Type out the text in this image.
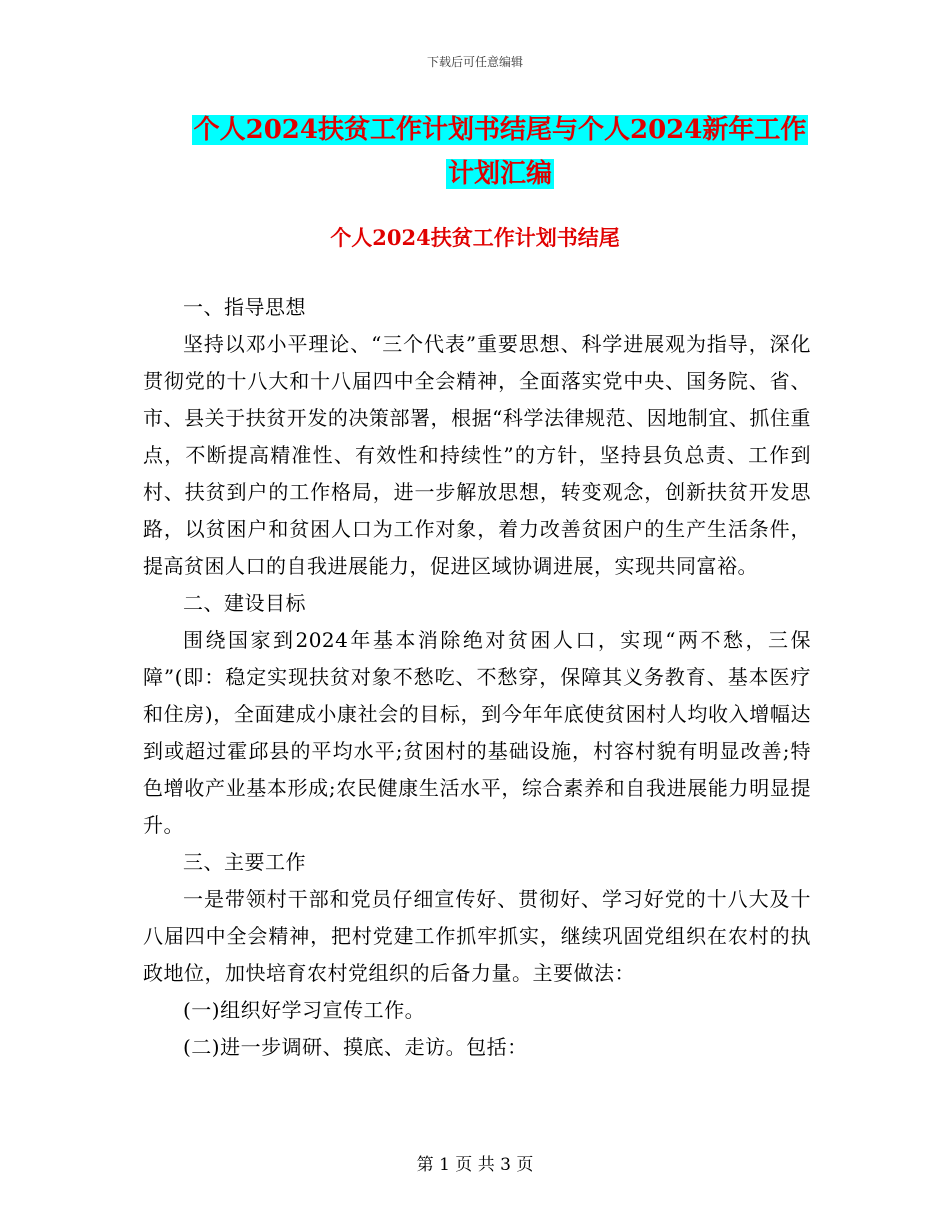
下载后可任意编辑
个人2024扶贫工作计划书结尾与个人2024新年工作
计划汇编
个人2024扶贫工作计划书结尾

一、指导思想

坚持以邓小平理论、“三个代表”重要思想、科学进展观为指导，深化贯彻党的十八大和十八届四中全会精神，全面落实党中央、国务院、省、市、县关于扶贫开发的决策部署，根据“科学法律规范、因地制宜、抓住重点，不断提高精准性、有效性和持续性”的方针，坚持县负总责、工作到村、扶贫到户的工作格局，进一步解放思想，转变观念，创新扶贫开发思路，以贫困户和贫困人口为工作对象，着力改善贫困户的生产生活条件，提高贫困人口的自我进展能力，促进区域协调进展，实现共同富裕。

二、建设目标

围绕国家到2024年基本消除绝对贫困人口，实现“两不愁，三保障”(即：稳定实现扶贫对象不愁吃、不愁穿，保障其义务教育、基本医疗和住房)，全面建成小康社会的目标，到今年年底使贫困村人均收入增幅达到或超过霍邱县的平均水平;贫困村的基础设施，村容村貌有明显改善;特色增收产业基本形成;农民健康生活水平，综合素养和自我进展能力明显提升。

三、主要工作

一是带领村干部和党员仔细宣传好、贯彻好、学习好党的十八大及十八届四中全会精神，把村党建工作抓牢抓实，继续巩固党组织在农村的执政地位，加快培育农村党组织的后备力量。主要做法：

(一)组织好学习宣传工作。

(二)进一步调研、摸底、走访。包括：

第 1 页 共 3 页
